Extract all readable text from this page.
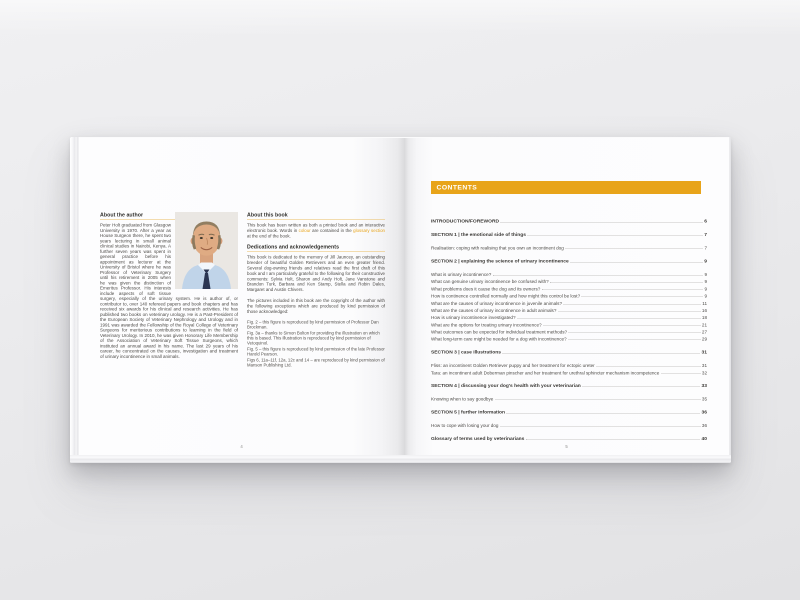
About the author

Peter Holt graduated from Glasgow University in 1970. After a year as House Surgeon there, he spent two years lecturing in small animal clinical studies in Nairobi, Kenya. A further seven years was spent in general practice before his appointment as lecturer at the University of Bristol where he was Professor of Veterinary Surgery until his retirement in 2005 when he was given the distinction of Emeritus Professor. His interests include aspects of soft tissue surgery, especially of the urinary system. He is author of, or contributor to, over 140 refereed papers and book chapters and has received six awards for his clinical and research activities. He has published two books on veterinary urology. He is a Past-President of the European Society of Veterinary Nephrology and Urology and in 1991 was awarded the Fellowship of the Royal College of Veterinary Surgeons for meritorious contributions to learning in the field of Veterinary Urology. In 2010, he was given Honorary Life Membership of the Association of Veterinary Soft Tissue Surgeons, which instituted an annual award in his name. The last 29 years of his career, he concentrated on the causes, investigation and treatment of urinary incontinence in small animals.

About this book

This book has been written as both a printed book and an interactive electronic book. Words in colour are contained in the glossary section at the end of the book.

Dedications and acknowledgements

This book is dedicated to the memory of Jill Jauncey, an outstanding breeder of beautiful Golden Retrievers and an even greater friend. Several dog-owning friends and relatives read the first draft of this book and I am particularly grateful to the following for their constructive comments: Sylvia Holt, Sharon and Andy Holt, Jane Vanstone and Brandon Turk, Barbara and Ken Stamp, Stella and Robin Dales, Margaret and Austin Chivers.

The pictures included in this book are the copyright of the author with the following exceptions which are produced by kind permission of those acknowledged:

Fig. 2 – this figure is reproduced by kind permission of Professor Dan Brockman.

Fig. 3a – thanks to Simon Bolton for providing the illustration on which this is based. This illustration is reproduced by kind permission of Vetoquinol.

Fig. 5 – this figure is reproduced by kind permission of the late Professor Harold Pearson.

Figs 6, 11a–11f, 12a, 12c and 14 – are reproduced by kind permission of Manson Publishing Ltd.

4
CONTENTS
INTRODUCTION/FOREWORD	6
SECTION 1 | the emotional side of things	7
Realisation: coping with realising that you own an incontinent dog	7
SECTION 2 | explaining the science of urinary incontinence	9
What is urinary incontinence?	9
What can genuine urinary incontinence be confused with?	9
What problems does it cause the dog and its owners?	9
How is continence controlled normally and how might this control be lost?	9
What are the causes of urinary incontinence in juvenile animals?	11
What are the causes of urinary incontinence in adult animals?	16
How is urinary incontinence investigated?	18
What are the options for treating urinary incontinence?	21
What outcomes can be expected for individual treatment methods?	27
What long-term care might be needed for a dog with incontinence?	29
SECTION 3 | case illustrations	31
Fliss: an incontinent Golden Retriever puppy and her treatment for ectopic ureter	31
Tara: an incontinent adult Doberman pinscher and her treatment for urethral sphincter mechanism incompetence	32
SECTION 4 | discussing your dog's health with your veterinarian	33
Knowing when to say goodbye	35
SECTION 5 | further information	36
How to cope with losing your dog	36
Glossary of terms used by veterinarians	40
5
